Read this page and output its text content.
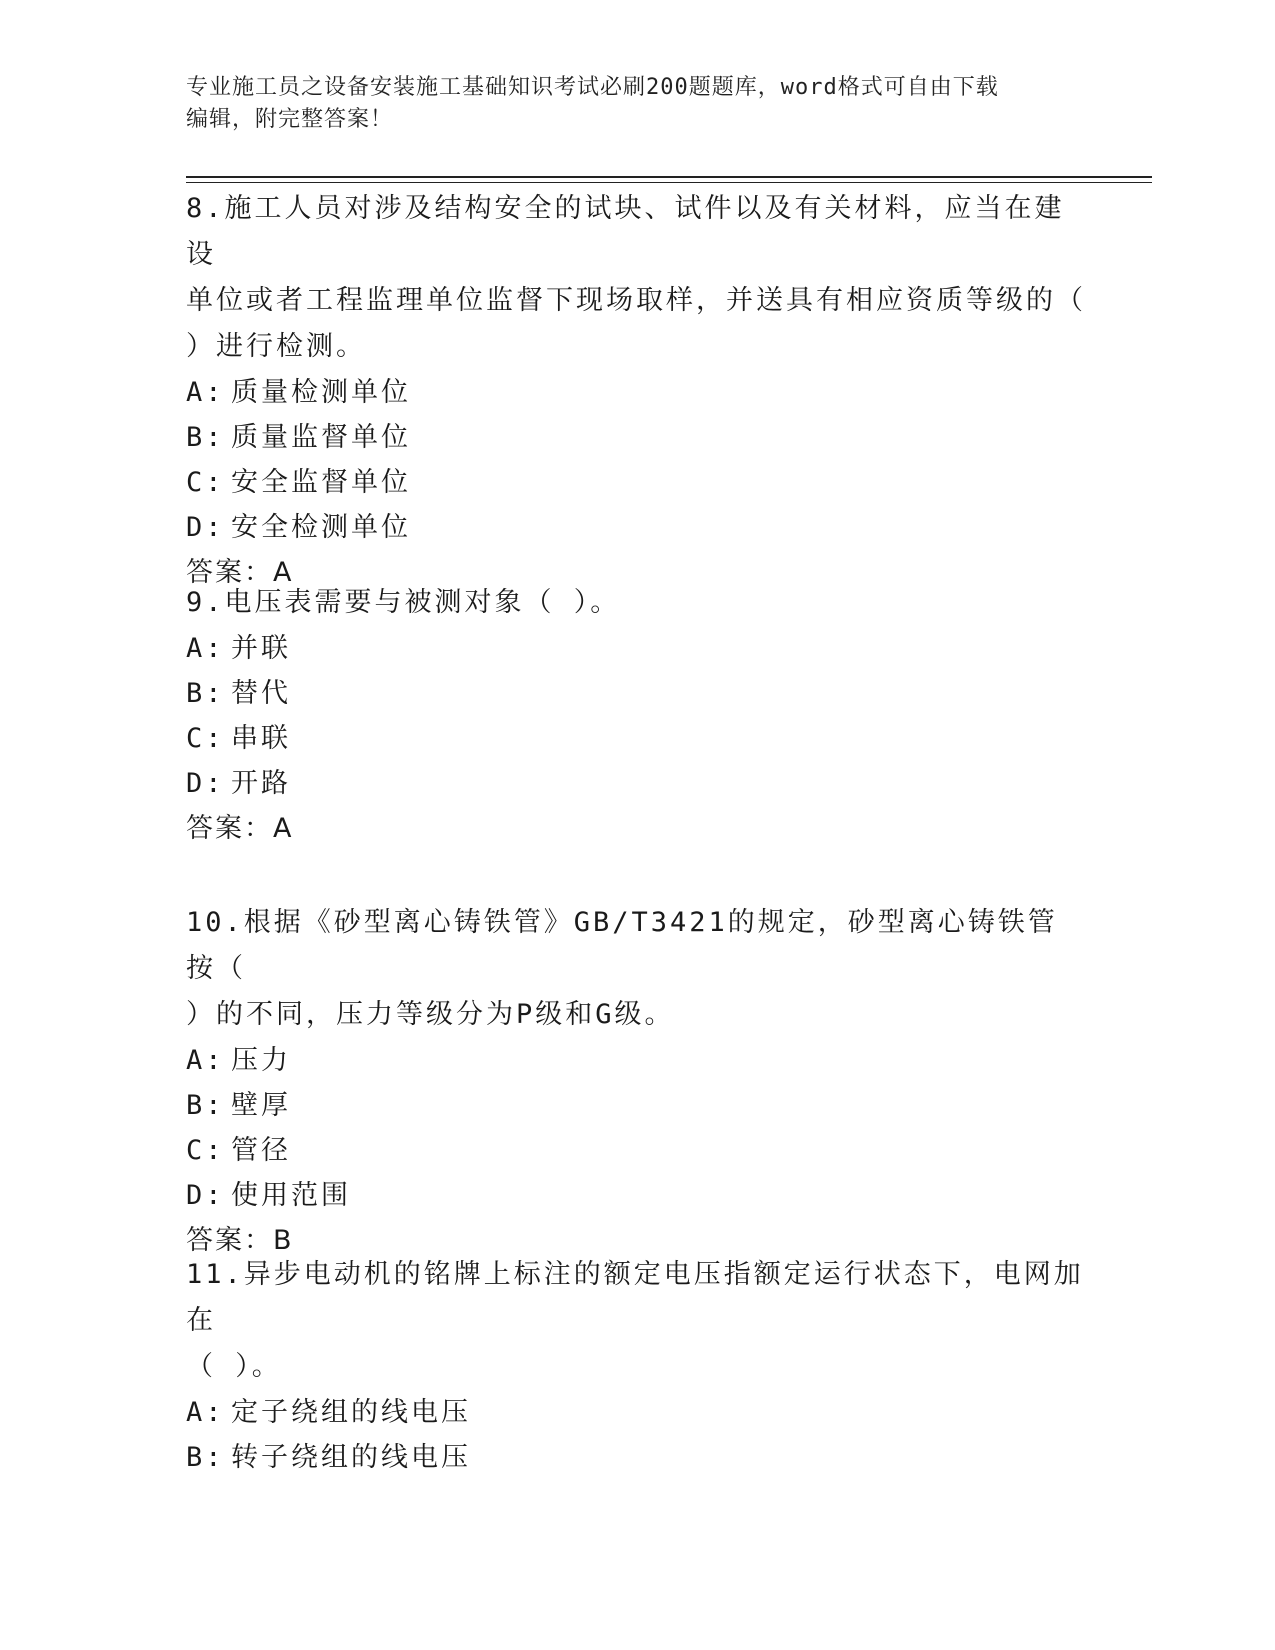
专业施工员之设备安装施工基础知识考试必刷200题题库，word格式可自由下载
编辑，附完整答案！

8.施工人员对涉及结构安全的试块、试件以及有关材料，应当在建设

单位或者工程监理单位监督下现场取样，并送具有相应资质等级的（

）进行检测。

A: 质量检测单位

B: 质量监督单位

C: 安全监督单位

D: 安全检测单位

答案：A

9.电压表需要与被测对象（ ）。

A: 并联

B: 替代

C: 串联

D: 开路

答案：A

10.根据《砂型离心铸铁管》GB/T3421的规定，砂型离心铸铁管按（

）的不同，压力等级分为P级和G级。

A: 压力

B: 壁厚

C: 管径

D: 使用范围

答案：B

11.异步电动机的铭牌上标注的额定电压指额定运行状态下，电网加在

（ ）。

A: 定子绕组的线电压

B: 转子绕组的线电压
